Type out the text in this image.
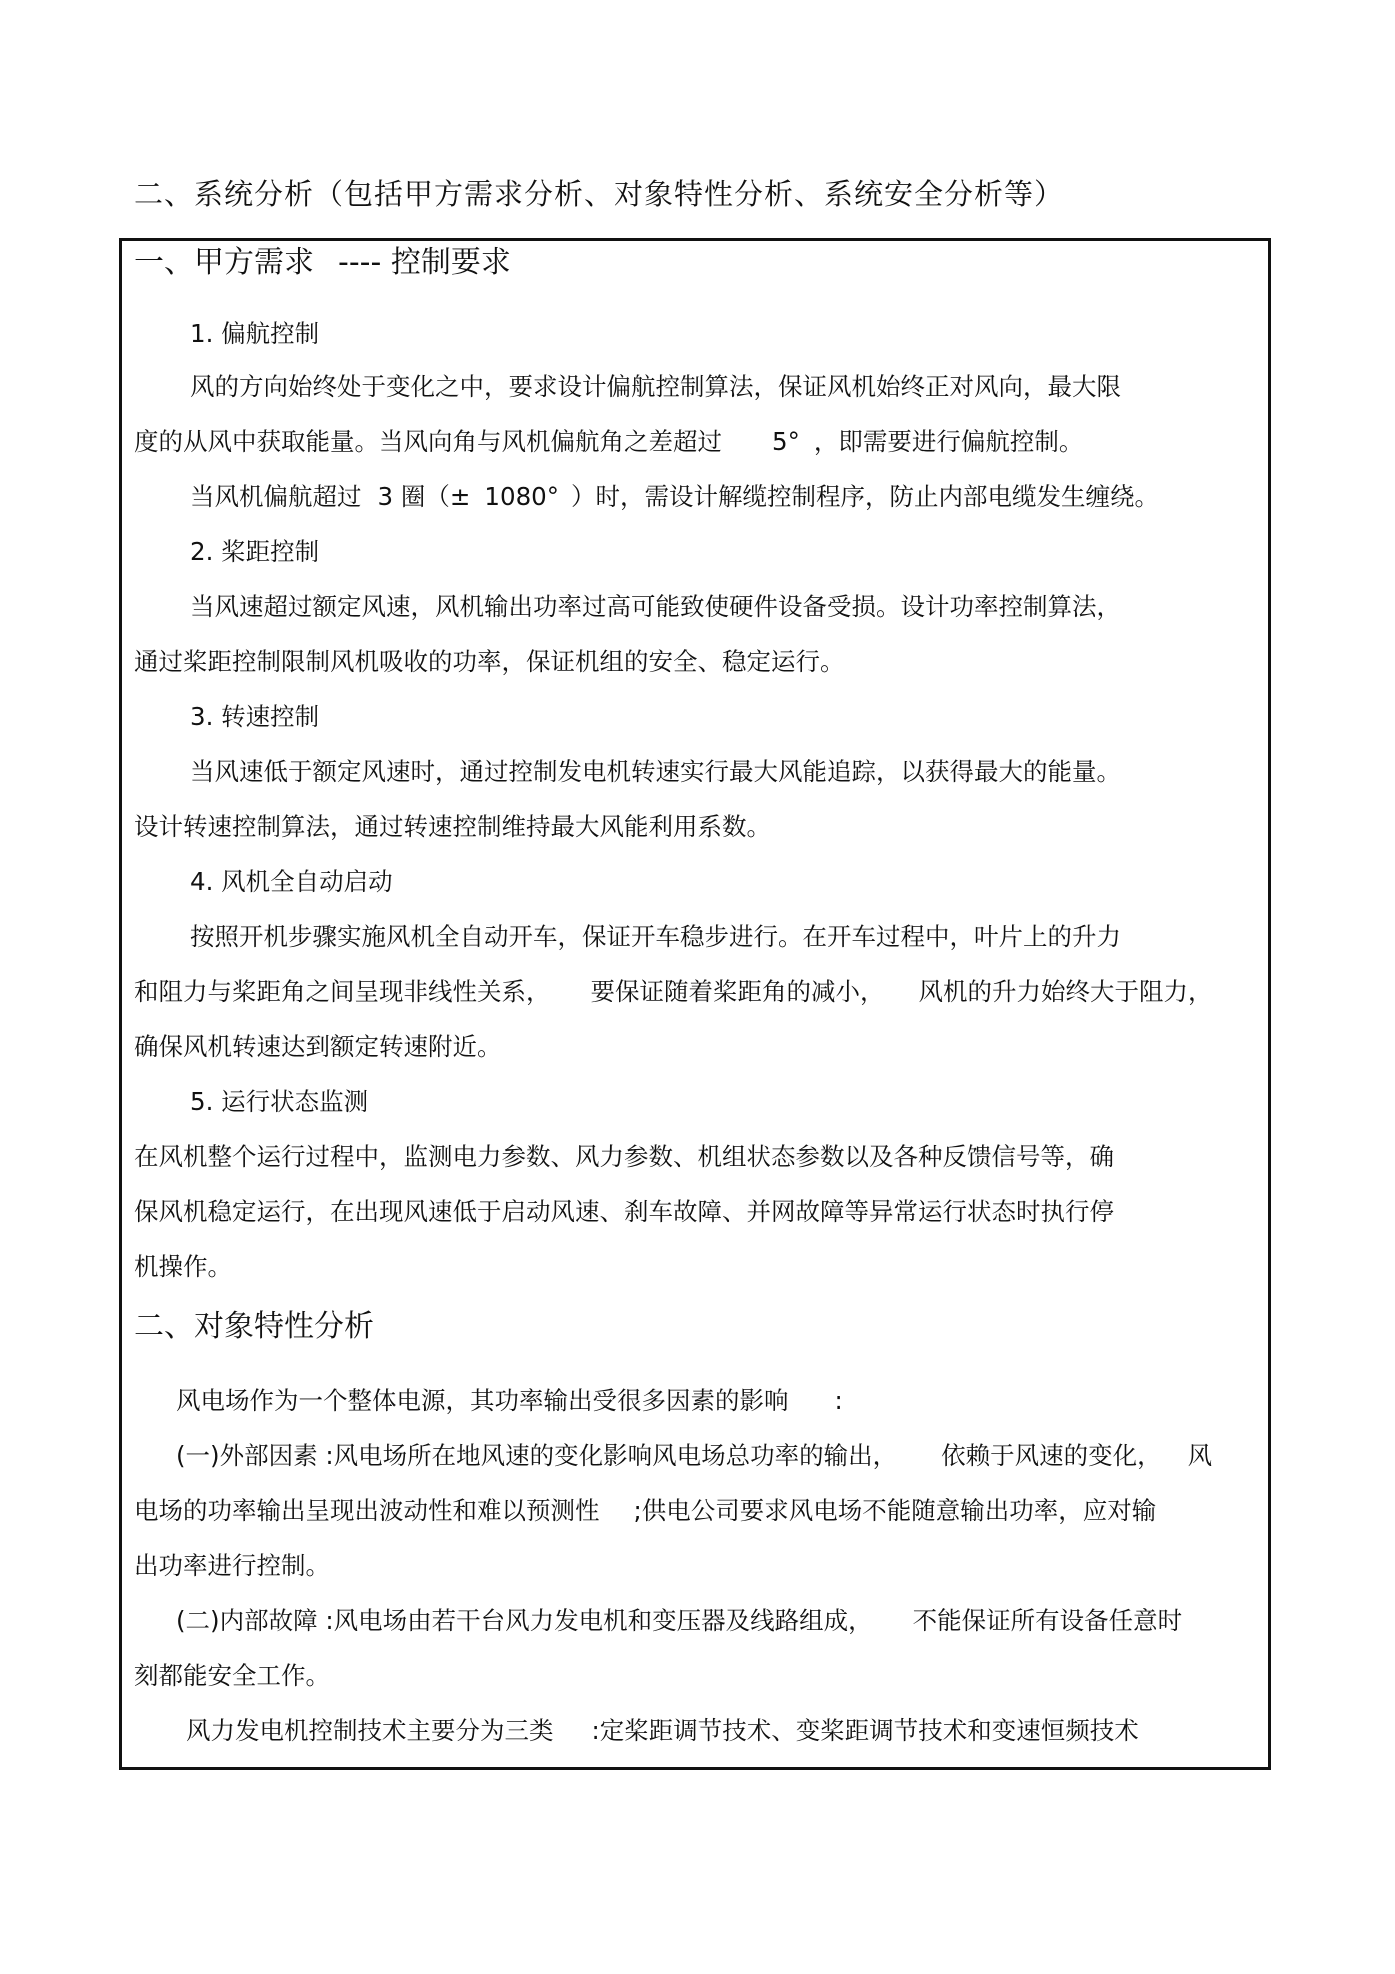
二、系统分析（包括甲方需求分析、对象特性分析、系统安全分析等）
一、甲方需求 ---- 控制要求
1. 偏航控制
风的方向始终处于变化之中，要求设计偏航控制算法，保证风机始终正对风向，最大限
度的从风中获取能量。当风向角与风机偏航角之差超过 5° ，即需要进行偏航控制。
当风机偏航超过 3 圈（± 1080° ）时，需设计解缆控制程序，防止内部电缆发生缠绕。
2. 桨距控制
当风速超过额定风速，风机输出功率过高可能致使硬件设备受损。设计功率控制算法，
通过桨距控制限制风机吸收的功率，保证机组的安全、稳定运行。
3. 转速控制
当风速低于额定风速时，通过控制发电机转速实行最大风能追踪，以获得最大的能量。
设计转速控制算法，通过转速控制维持最大风能利用系数。
4. 风机全自动启动
按照开机步骤实施风机全自动开车，保证开车稳步进行。在开车过程中，叶片上的升力
和阻力与桨距角之间呈现非线性关系， 要保证随着桨距角的减小， 风机的升力始终大于阻力，
确保风机转速达到额定转速附近。
5. 运行状态监测
在风机整个运行过程中，监测电力参数、风力参数、机组状态参数以及各种反馈信号等，确
保风机稳定运行，在出现风速低于启动风速、刹车故障、并网故障等异常运行状态时执行停
机操作。
二、对象特性分析
风电场作为一个整体电源，其功率输出受很多因素的影响 :
(一)外部因素 :风电场所在地风速的变化影响风电场总功率的输出， 依赖于风速的变化， 风
电场的功率输出呈现出波动性和难以预测性 ;供电公司要求风电场不能随意输出功率，应对输
出功率进行控制。
(二)内部故障 :风电场由若干台风力发电机和变压器及线路组成， 不能保证所有设备任意时
刻都能安全工作。
风力发电机控制技术主要分为三类 :定桨距调节技术、变桨距调节技术和变速恒频技术
